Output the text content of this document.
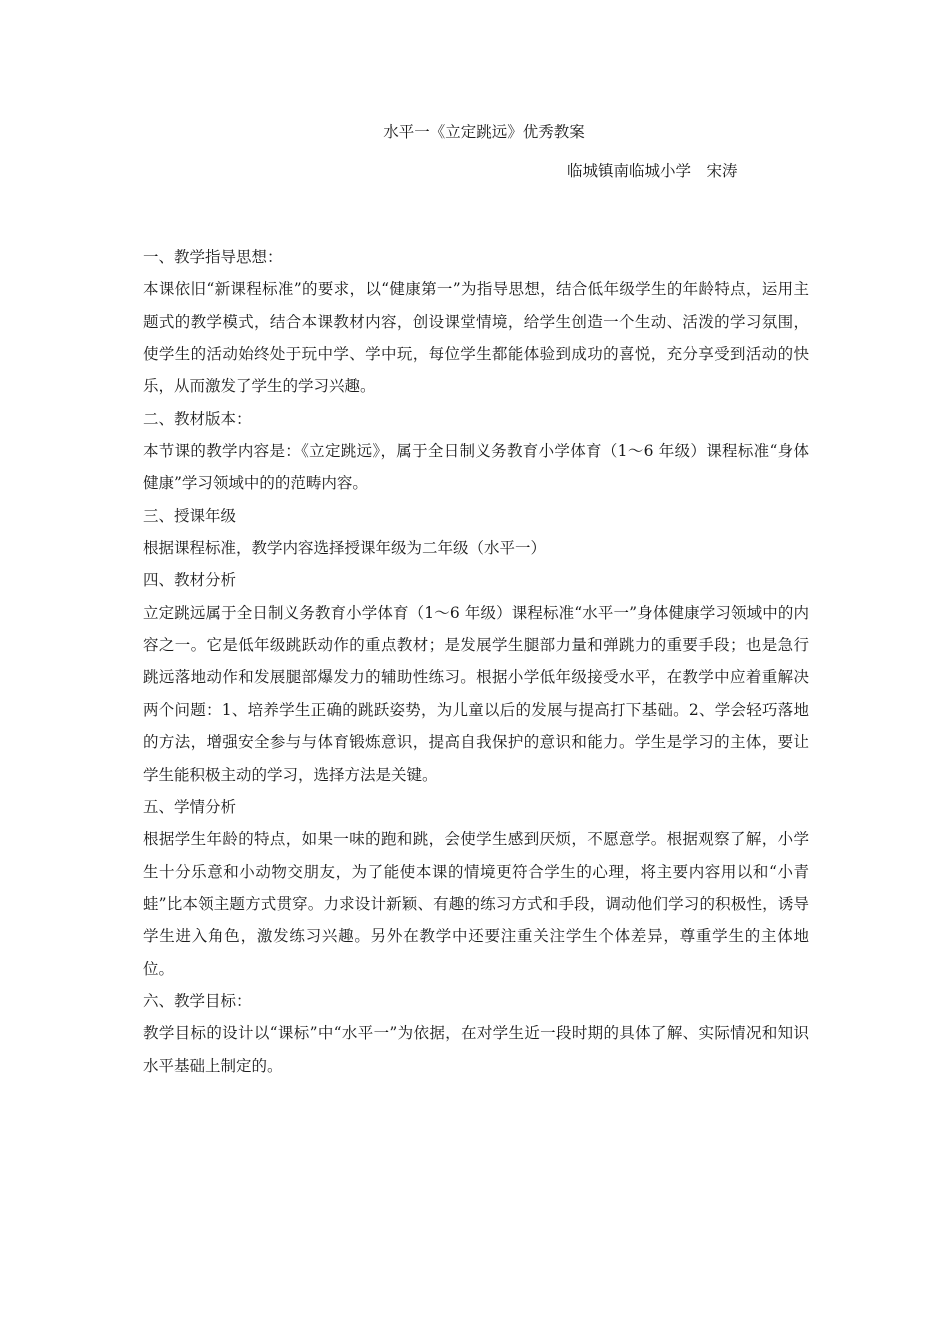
水平一《立定跳远》优秀教案
临城镇南临城小学　宋涛

一、教学指导思想：

本课依旧“新课程标准”的要求，以“健康第一”为指导思想，结合低年级学生的年龄特点，运用主题式的教学模式，结合本课教材内容，创设课堂情境，给学生创造一个生动、活泼的学习氛围，使学生的活动始终处于玩中学、学中玩，每位学生都能体验到成功的喜悦，充分享受到活动的快乐，从而激发了学生的学习兴趣。

二、教材版本：

本节课的教学内容是：《立定跳远》，属于全日制义务教育小学体育（1～6 年级）课程标准“身体健康”学习领域中的的范畴内容。

三、授课年级

根据课程标准，教学内容选择授课年级为二年级（水平一）

四、教材分析

立定跳远属于全日制义务教育小学体育（1～6 年级）课程标准“水平一”身体健康学习领域中的内容之一。它是低年级跳跃动作的重点教材；是发展学生腿部力量和弹跳力的重要手段；也是急行跳远落地动作和发展腿部爆发力的辅助性练习。根据小学低年级接受水平，在教学中应着重解决两个问题：1、培养学生正确的跳跃姿势，为儿童以后的发展与提高打下基础。2、学会轻巧落地的方法，增强安全参与与体育锻炼意识，提高自我保护的意识和能力。学生是学习的主体，要让学生能积极主动的学习，选择方法是关键。

五、学情分析

根据学生年龄的特点，如果一味的跑和跳，会使学生感到厌烦，不愿意学。根据观察了解，小学生十分乐意和小动物交朋友，为了能使本课的情境更符合学生的心理，将主要内容用以和“小青蛙”比本领主题方式贯穿。力求设计新颖、有趣的练习方式和手段，调动他们学习的积极性，诱导学生进入角色，激发练习兴趣。另外在教学中还要注重关注学生个体差异，尊重学生的主体地位。

六、教学目标：

教学目标的设计以“课标”中“水平一”为依据，在对学生近一段时期的具体了解、实际情况和知识水平基础上制定的。
